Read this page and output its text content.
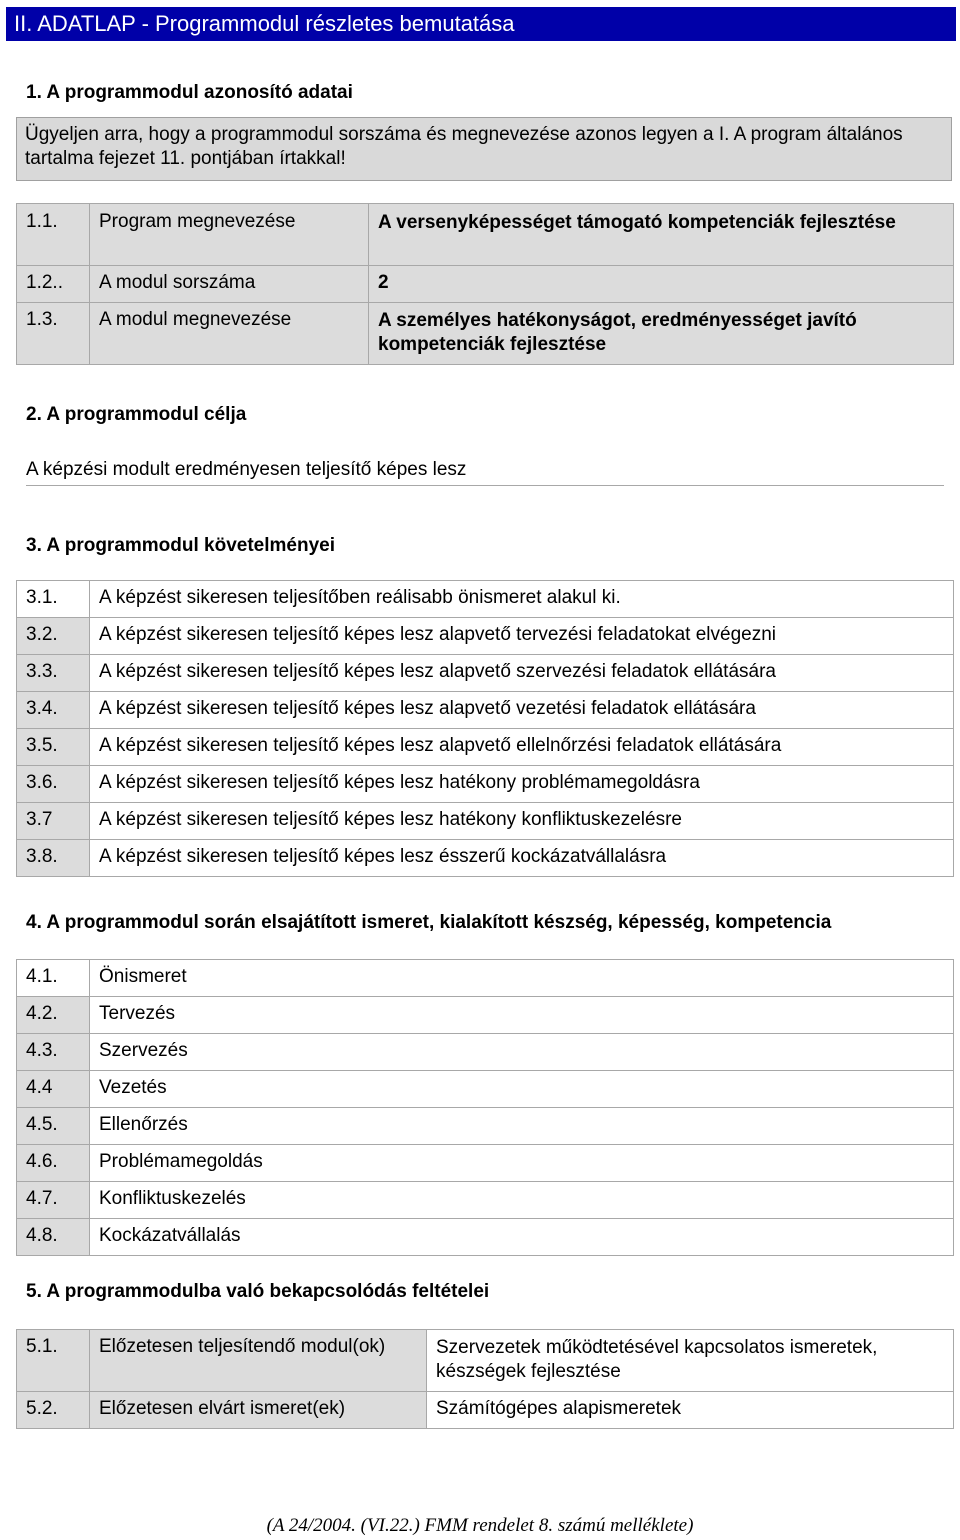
II. ADATLAP - Programmodul részletes bemutatása
1. A programmodul azonosító adatai
Ügyeljen arra, hogy a programmodul sorszáma és megnevezése azonos legyen a I. A program általános tartalma fejezet 11. pontjában írtakkal!
1.1.	Program megnevezése	A versenyképességet támogató kompetenciák fejlesztése
1.2..	A modul sorszáma	2
1.3.	A modul megnevezése	A személyes hatékonyságot, eredményességet javító kompetenciák fejlesztése
2. A programmodul célja
A képzési modult eredményesen teljesítő képes lesz
3. A programmodul követelményei
3.1.	A képzést sikeresen teljesítőben reálisabb önismeret alakul ki.
3.2.	A képzést sikeresen teljesítő képes lesz alapvető tervezési feladatokat elvégezni
3.3.	A képzést sikeresen teljesítő képes lesz alapvető szervezési feladatok ellátására
3.4.	A képzést sikeresen teljesítő képes lesz alapvető vezetési feladatok ellátására
3.5.	A képzést sikeresen teljesítő képes lesz alapvető ellelnőrzési feladatok ellátására
3.6.	A képzést sikeresen teljesítő képes lesz hatékony problémamegoldásra
3.7	A képzést sikeresen teljesítő képes lesz hatékony konfliktuskezelésre
3.8.	A képzést sikeresen teljesítő képes lesz ésszerű kockázatvállalásra
4. A programmodul során elsajátított ismeret, kialakított készség, képesség, kompetencia
4.1.	Önismeret
4.2.	Tervezés
4.3.	Szervezés
4.4	Vezetés
4.5.	Ellenőrzés
4.6.	Problémamegoldás
4.7.	Konfliktuskezelés
4.8.	Kockázatvállalás
5. A programmodulba való bekapcsolódás feltételei
5.1.	Előzetesen teljesítendő modul(ok)	Szervezetek működtetésével kapcsolatos ismeretek, készségek fejlesztése
5.2.	Előzetesen elvárt ismeret(ek)	Számítógépes alapismeretek
(A 24/2004. (VI.22.) FMM rendelet 8. számú melléklete)
